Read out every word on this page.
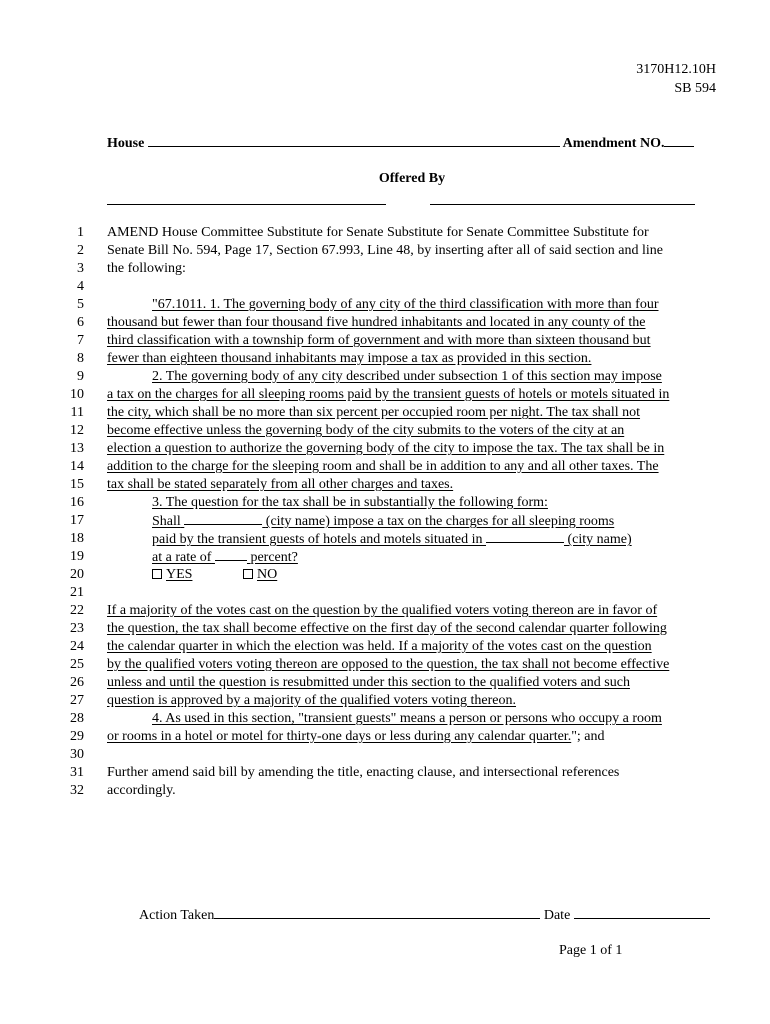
3170H12.10H
SB 594
House	Amendment NO.
Offered By
1 AMEND House Committee Substitute for Senate Substitute for Senate Committee Substitute for
2 Senate Bill No. 594, Page 17, Section 67.993, Line 48, by inserting after all of said section and line
3 the following:
4
5	"67.1011. 1. The governing body of any city of the third classification with more than four
6 thousand but fewer than four thousand five hundred inhabitants and located in any county of the
7 third classification with a township form of government and with more than sixteen thousand but
8 fewer than eighteen thousand inhabitants may impose a tax as provided in this section.
9	2. The governing body of any city described under subsection 1 of this section may impose
10 a tax on the charges for all sleeping rooms paid by the transient guests of hotels or motels situated in
11 the city, which shall be no more than six percent per occupied room per night. The tax shall not
12 become effective unless the governing body of the city submits to the voters of the city at an
13 election a question to authorize the governing body of the city to impose the tax. The tax shall be in
14 addition to the charge for the sleeping room and shall be in addition to any and all other taxes. The
15 tax shall be stated separately from all other charges and taxes.
16	3. The question for the tax shall be in substantially the following form:
17	Shall	(city name) impose a tax on the charges for all sleeping rooms
18	paid by the transient guests of hotels and motels situated in	(city name)
19	at a rate of	percent?
20	YES	NO
21
22 If a majority of the votes cast on the question by the qualified voters voting thereon are in favor of
23 the question, the tax shall become effective on the first day of the second calendar quarter following
24 the calendar quarter in which the election was held. If a majority of the votes cast on the question
25 by the qualified voters voting thereon are opposed to the question, the tax shall not become effective
26 unless and until the question is resubmitted under this section to the qualified voters and such
27 question is approved by a majority of the qualified voters voting thereon.
28	4. As used in this section, "transient guests" means a person or persons who occupy a room
29 or rooms in a hotel or motel for thirty-one days or less during any calendar quarter."; and
30
31 Further amend said bill by amending the title, enacting clause, and intersectional references
32 accordingly.
Action Taken	Date
Page 1 of 1
